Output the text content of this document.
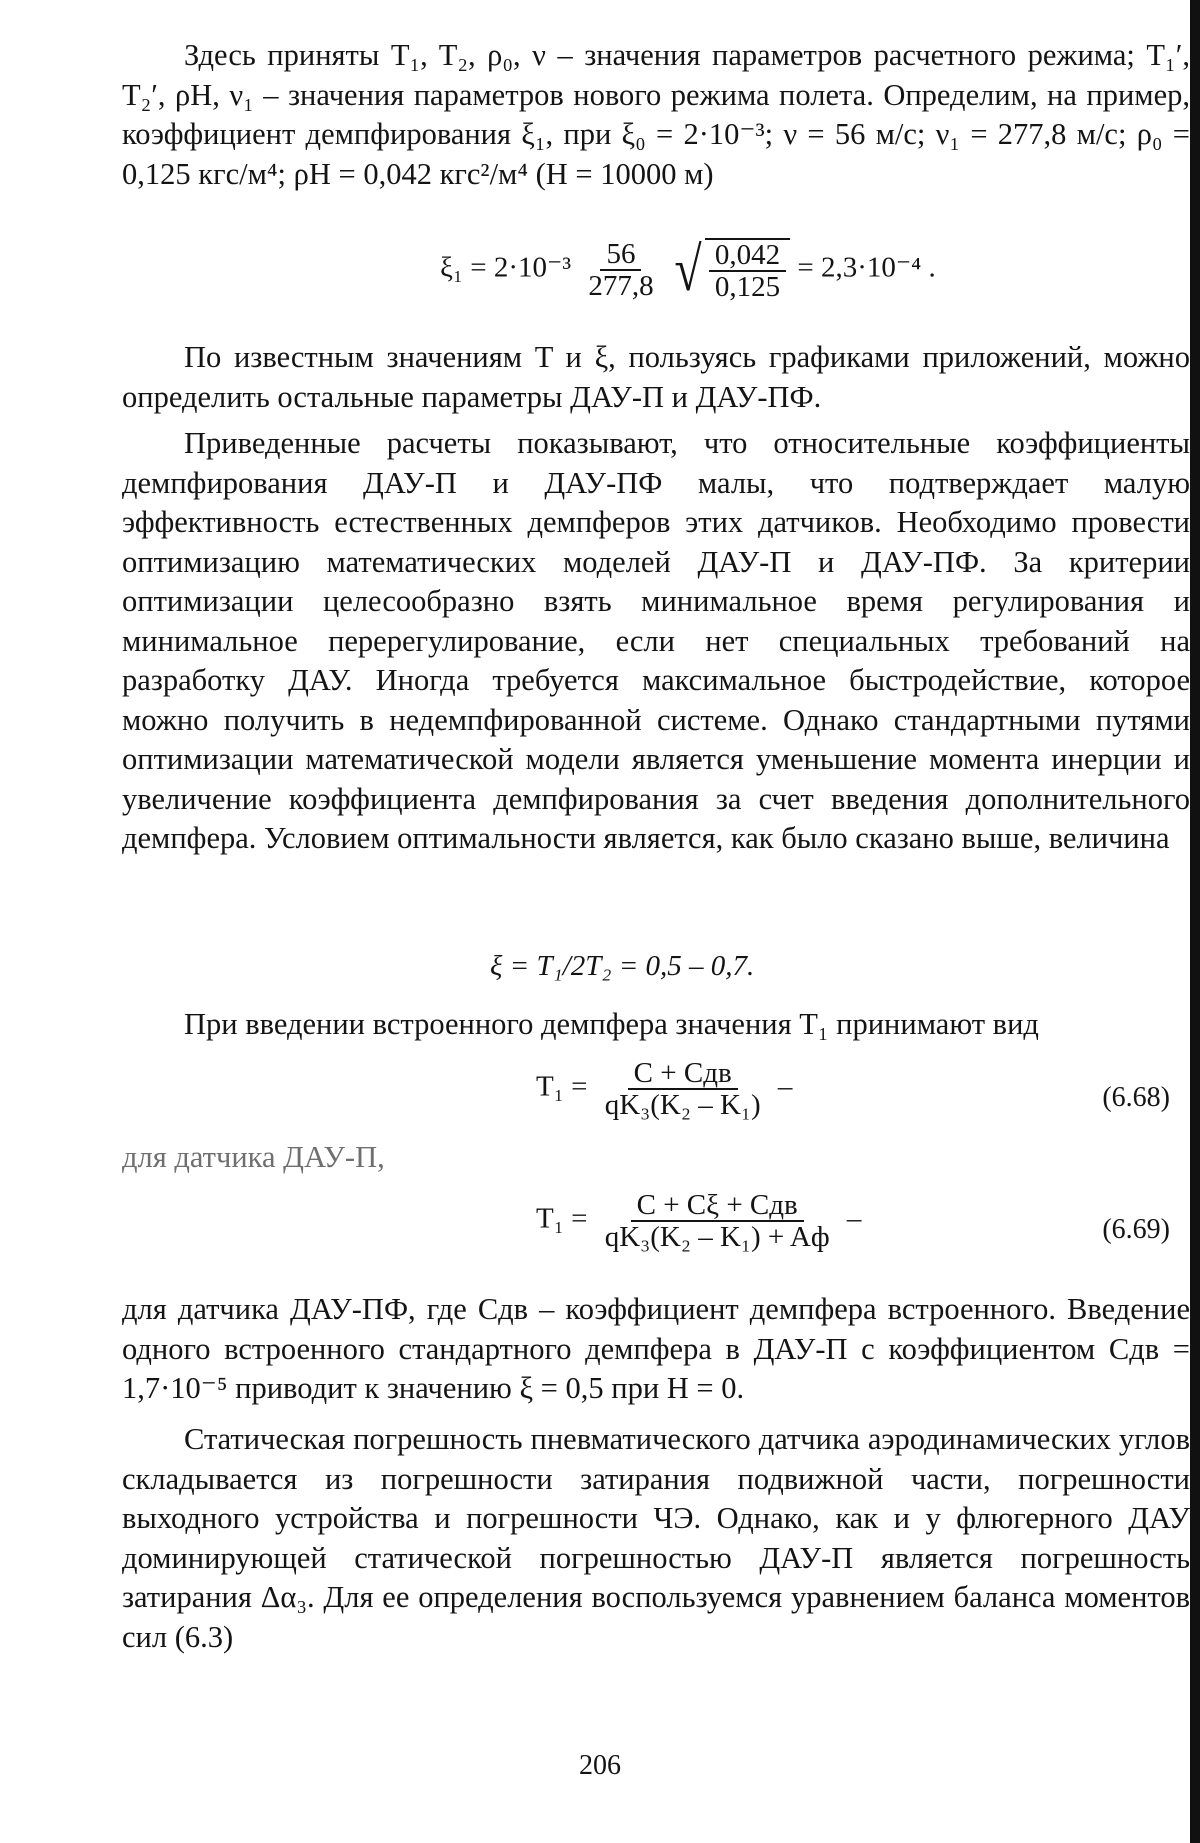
Здесь приняты T₁, T₂, ρ₀, ν – значения параметров расчетного режима; T₁′, T₂′, ρH, ν₁ – значения параметров нового режима полета. Определим, на пример, коэффициент демпфирования ξ₁, при ξ₀ = 2·10⁻³; ν = 56 м/с; ν₁ = 277,8 м/с; ρ₀ = 0,125 кгс/м⁴; ρH = 0,042 кгс²/м⁴ (H = 10000 м)

$\xi_1 = 2\cdot 10^{-3} \frac{56}{277,8}$
√ $\frac{0,042}{0,125} = 2,3\cdot 10^{-4}$ .

По известным значениям T и ξ, пользуясь графиками приложений, можно определить остальные параметры ДАУ-П и ДАУ-ПФ.

Приведенные расчеты показывают, что относительные коэффициенты демпфирования ДАУ-П и ДАУ-ПФ малы, что подтверждает малую эффективность естественных демпферов этих датчиков. Необходимо провести оптимизацию математических моделей ДАУ-П и ДАУ-ПФ. За критерии оптимизации целесообразно взять минимальное время регулирования и минимальное перерегулирование, если нет специальных требований на разработку ДАУ. Иногда требуется максимальное быстродействие, которое можно получить в недемпфированной системе. Однако стандартными путями оптимизации математической модели является уменьшение момента инерции и увеличение коэффициента демпфирования за счет введения дополнительного демпфера. Условием оптимальности является, как было сказано выше, величина

ξ = T₁/2T₂ = 0,5 – 0,7.

При введении встроенного демпфера значения T₁ принимают вид

$T_1 = \frac{\text{C + Cдв}}{\text{qK₃(K₂ – K₁)}}$ –	(6.68)

для датчика ДАУ-П,

$T_1 = \frac{\text{C + Cξ + Cдв}}{\text{qK₃(K₂ – K₁) + Aф}}$ –	(6.69)

для датчика ДАУ-ПФ, где Cдв – коэффициент демпфера встроенного. Введение одного встроенного стандартного демпфера в ДАУ-П с коэффициентом Cдв = 1,7·10⁻⁵ приводит к значению ξ = 0,5 при H = 0.

Статическая погрешность пневматического датчика аэродинамических углов складывается из погрешности затирания подвижной части, погрешности выходного устройства и погрешности ЧЭ. Однако, как и у флюгерного ДАУ доминирующей статической погрешностью ДАУ-П является погрешность затирания Δα₃. Для ее определения воспользуемся уравнением баланса моментов сил (6.3)

206
